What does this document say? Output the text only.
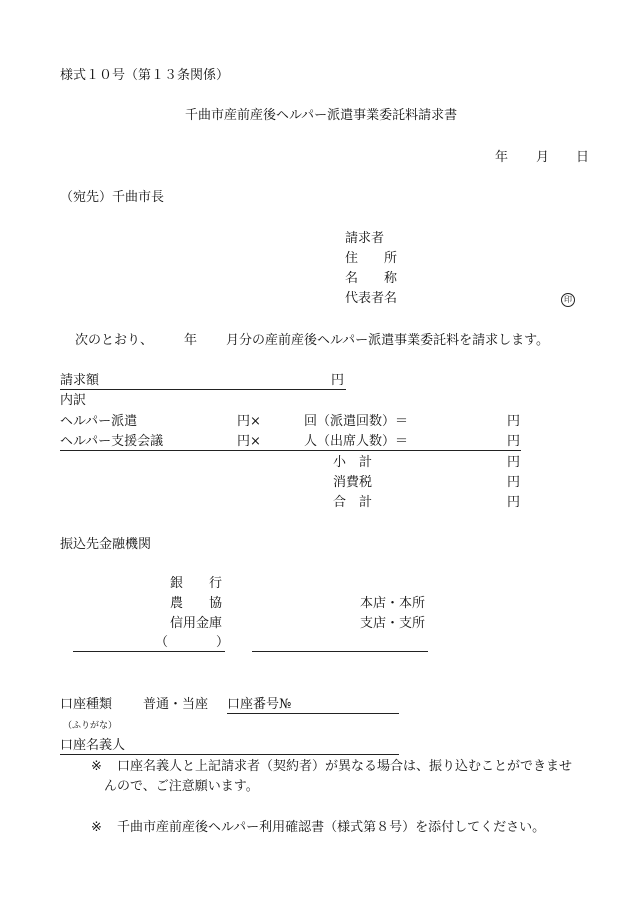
様式１０号（第１３条関係）
千曲市産前産後ヘルパー派遣事業委託料請求書
年 月 日
（宛先）千曲市長
請求者
住　　所
名　　称
代表者名	印
次のとおり、 年 月分の産前産後ヘルパー派遣事業委託料を請求します。
請求額	円
内訳
ヘルパー派遣	円×	回（派遣回数）＝	円
ヘルパー支援会議	円×	人（出席人数）＝	円
小　計	円
消費税	円
合　計	円
振込先金融機関
銀　　行
農　　協
信用金庫
本店・本所
支店・支所
（	）
口座種類 普通・当座 口座番号№
（ふりがな）
口座名義人
※ 口座名義人と上記請求者（契約者）が異なる場合は、振り込むことができませ
んので、ご注意願います。
※ 千曲市産前産後ヘルパー利用確認書（様式第８号）を添付してください。
